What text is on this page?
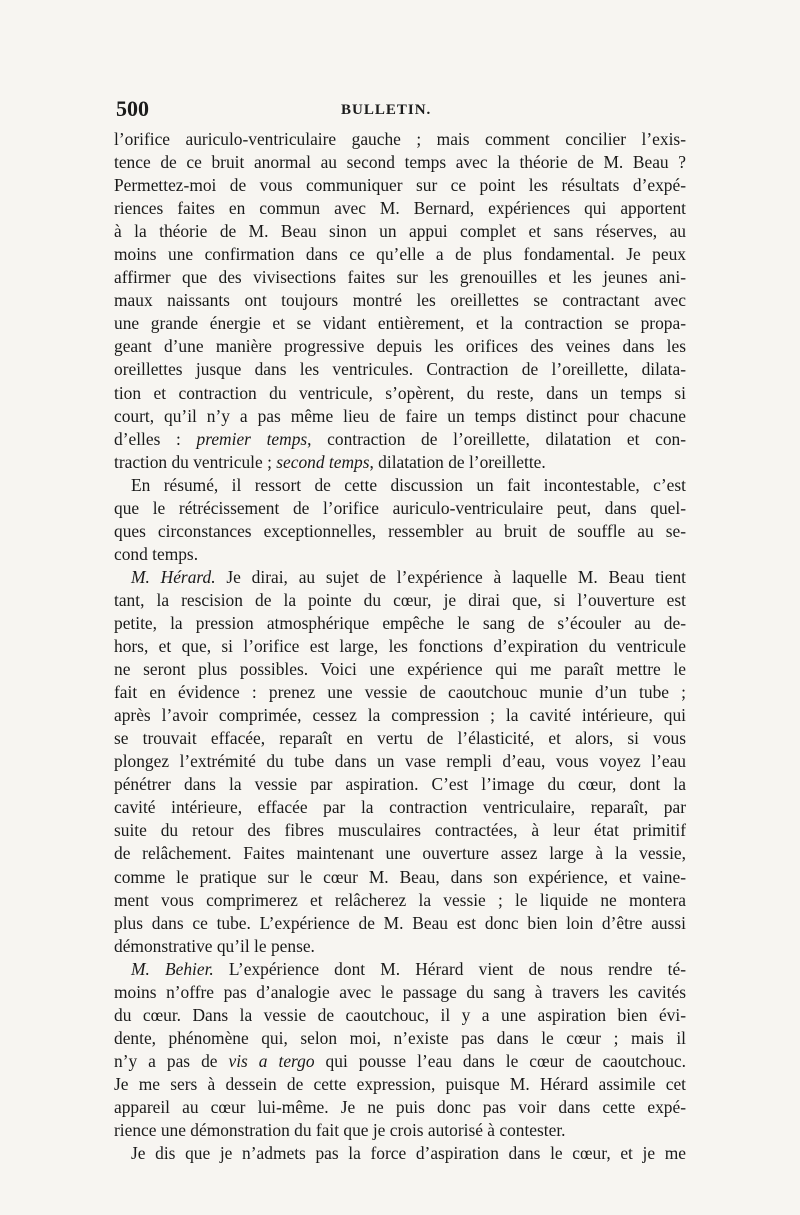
500	BULLETIN.
l’orifice auriculo-ventriculaire gauche ; mais comment concilier l’exis-
tence de ce bruit anormal au second temps avec la théorie de M. Beau ?
Permettez-moi de vous communiquer sur ce point les résultats d’expé-
riences faites en commun avec M. Bernard, expériences qui apportent
à la théorie de M. Beau sinon un appui complet et sans réserves, au
moins une confirmation dans ce qu’elle a de plus fondamental. Je peux
affirmer que des vivisections faites sur les grenouilles et les jeunes ani-
maux naissants ont toujours montré les oreillettes se contractant avec
une grande énergie et se vidant entièrement, et la contraction se propa-
geant d’une manière progressive depuis les orifices des veines dans les
oreillettes jusque dans les ventricules. Contraction de l’oreillette, dilata-
tion et contraction du ventricule, s’opèrent, du reste, dans un temps si
court, qu’il n’y a pas même lieu de faire un temps distinct pour chacune
d’elles : premier temps, contraction de l’oreillette, dilatation et con-
traction du ventricule ; second temps, dilatation de l’oreillette.
En résumé, il ressort de cette discussion un fait incontestable, c’est
que le rétrécissement de l’orifice auriculo-ventriculaire peut, dans quel-
ques circonstances exceptionnelles, ressembler au bruit de souffle au se-
cond temps.
M. Hérard. Je dirai, au sujet de l’expérience à laquelle M. Beau tient
tant, la rescision de la pointe du cœur, je dirai que, si l’ouverture est
petite, la pression atmosphérique empêche le sang de s’écouler au de-
hors, et que, si l’orifice est large, les fonctions d’expiration du ventricule
ne seront plus possibles. Voici une expérience qui me paraît mettre le
fait en évidence : prenez une vessie de caoutchouc munie d’un tube ;
après l’avoir comprimée, cessez la compression ; la cavité intérieure, qui
se trouvait effacée, reparaît en vertu de l’élasticité, et alors, si vous
plongez l’extrémité du tube dans un vase rempli d’eau, vous voyez l’eau
pénétrer dans la vessie par aspiration. C’est l’image du cœur, dont la
cavité intérieure, effacée par la contraction ventriculaire, reparaît, par
suite du retour des fibres musculaires contractées, à leur état primitif
de relâchement. Faites maintenant une ouverture assez large à la vessie,
comme le pratique sur le cœur M. Beau, dans son expérience, et vaine-
ment vous comprimerez et relâcherez la vessie ; le liquide ne montera
plus dans ce tube. L’expérience de M. Beau est donc bien loin d’être aussi
démonstrative qu’il le pense.
M. Behier. L’expérience dont M. Hérard vient de nous rendre té-
moins n’offre pas d’analogie avec le passage du sang à travers les cavités
du cœur. Dans la vessie de caoutchouc, il y a une aspiration bien évi-
dente, phénomène qui, selon moi, n’existe pas dans le cœur ; mais il
n’y a pas de vis a tergo qui pousse l’eau dans le cœur de caoutchouc.
Je me sers à dessein de cette expression, puisque M. Hérard assimile cet
appareil au cœur lui-même. Je ne puis donc pas voir dans cette expé-
rience une démonstration du fait que je crois autorisé à contester.
Je dis que je n’admets pas la force d’aspiration dans le cœur, et je me
